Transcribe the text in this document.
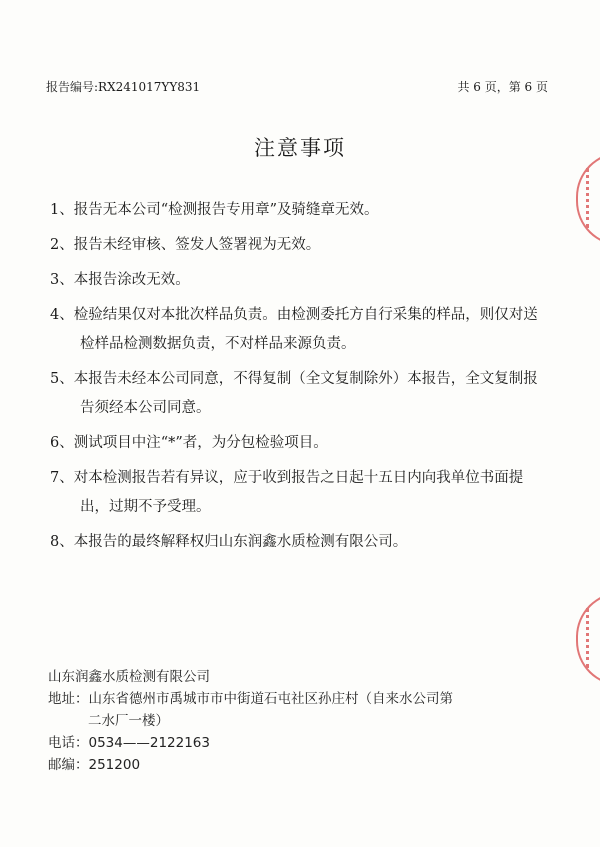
报告编号:RX241017YY831	共 6 页，第 6 页
注意事项
1、报告无本公司“检测报告专用章”及骑缝章无效。
2、报告未经审核、签发人签署视为无效。
3、本报告涂改无效。
4、检验结果仅对本批次样品负责。由检测委托方自行采集的样品，则仅对送
检样品检测数据负责，不对样品来源负责。
5、本报告未经本公司同意，不得复制（全文复制除外）本报告，全文复制报
告须经本公司同意。
6、测试项目中注“*”者，为分包检验项目。
7、对本检测报告若有异议，应于收到报告之日起十五日内向我单位书面提
出，过期不予受理。
8、本报告的最终解释权归山东润鑫水质检测有限公司。
山东润鑫水质检测有限公司
地址：山东省德州市禹城市市中街道石屯社区孙庄村（自来水公司第
二水厂一楼）
电话：0534——2122163
邮编：251200
